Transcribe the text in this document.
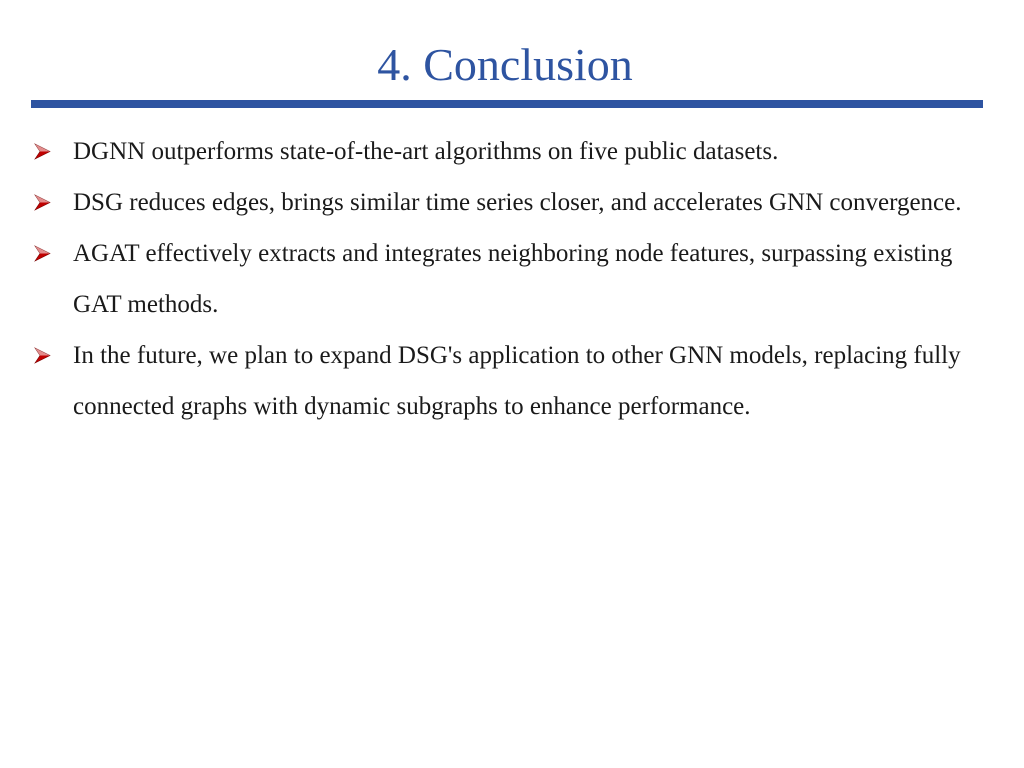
4. Conclusion
DGNN outperforms state-of-the-art algorithms on five public datasets.
DSG reduces edges, brings similar time series closer, and accelerates GNN convergence.
AGAT effectively extracts and integrates neighboring node features, surpassing existing GAT methods.
In the future, we plan to expand DSG's application to other GNN models, replacing fully connected graphs with dynamic subgraphs to enhance performance.
